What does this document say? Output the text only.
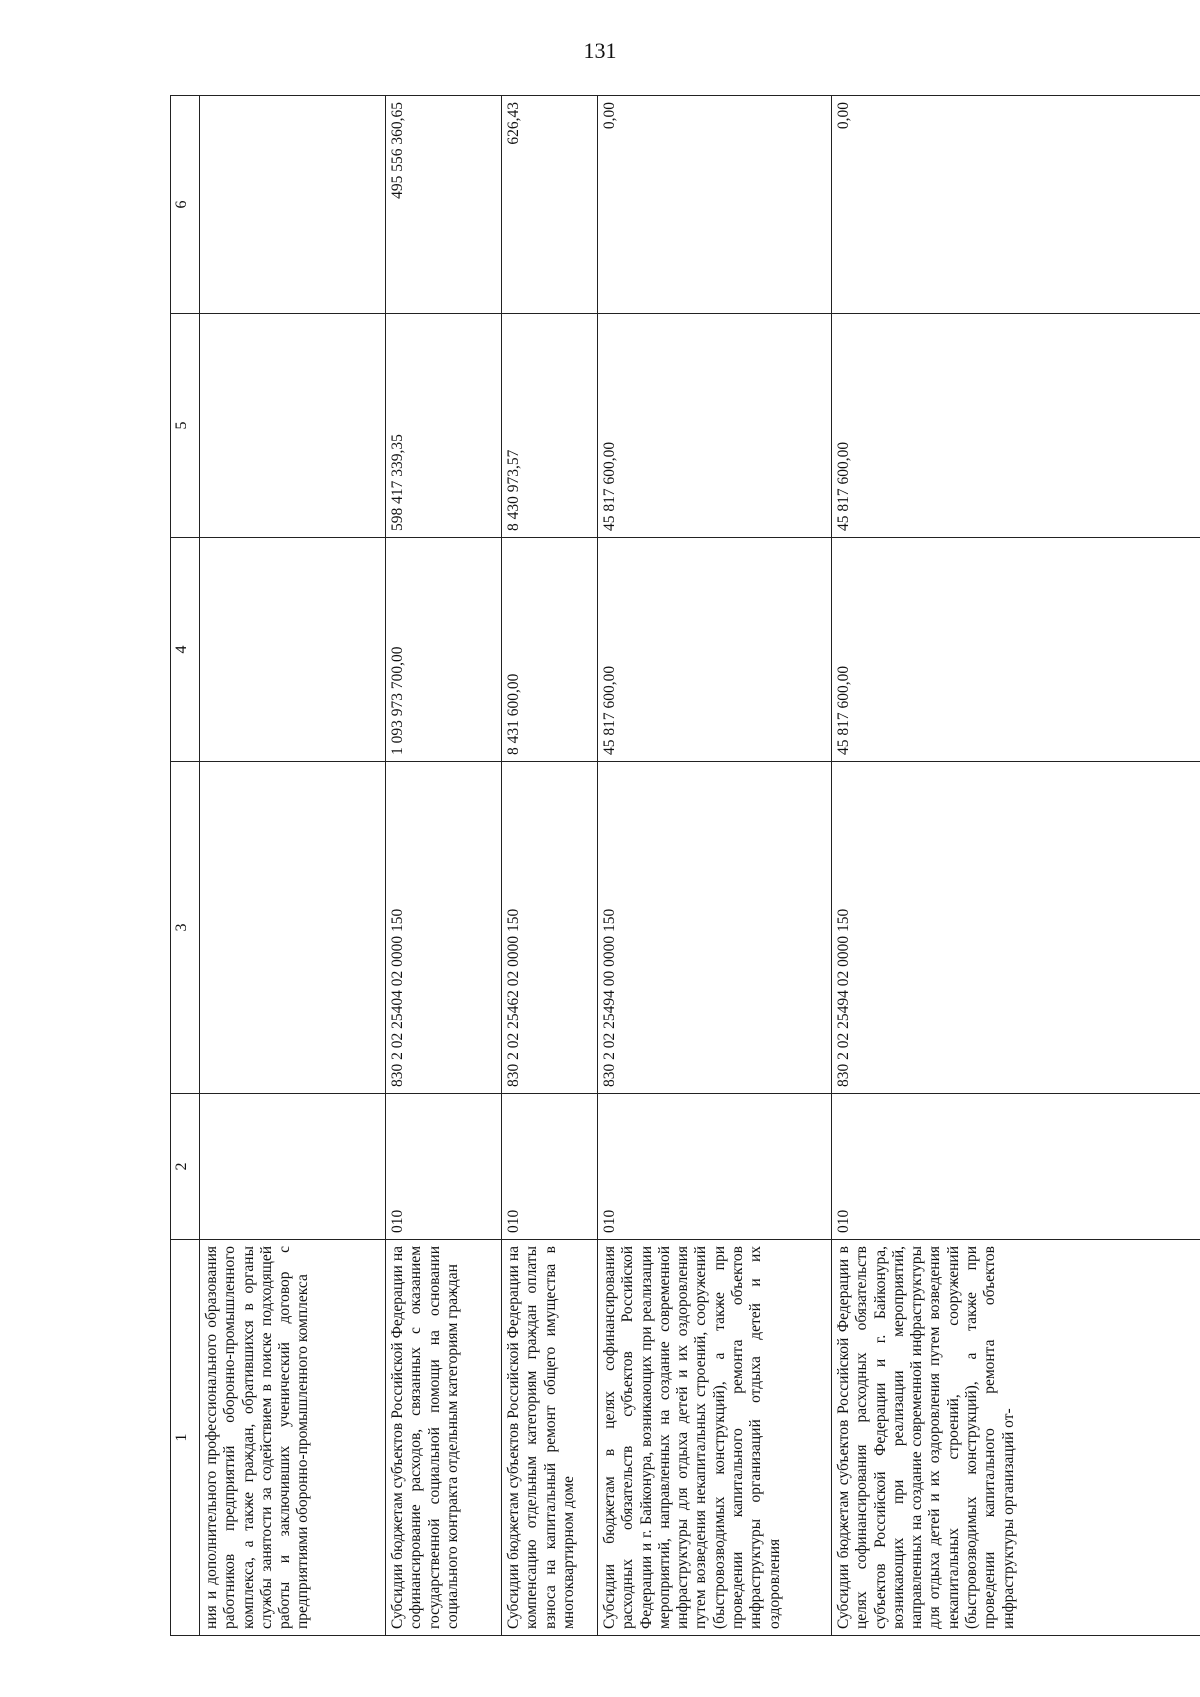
131
1	2	3	4	5	6
ния и дополнительного профессионального образования работников предприятий оборонно-промышленного комплекса, а также граждан, обратившихся в органы службы занятости за содействием в поиске подходящей работы и заключивших ученический договор с предприятиями оборонно-промышленного комплекса					
Субсидии бюджетам субъектов Российской Федерации на софинансирование расходов, связанных с оказанием государственной социальной помощи на основании социального контракта отдельным категориям граждан	010	830 2 02 25404 02 0000 150	1 093 973 700,00	598 417 339,35	495 556 360,65
Субсидии бюджетам субъектов Российской Федерации на компенсацию отдельным категориям граждан оплаты взноса на капитальный ремонт общего имущества в многоквартирном доме	010	830 2 02 25462 02 0000 150	8 431 600,00	8 430 973,57	626,43
Субсидии бюджетам в целях софинансирования расходных обязательств субъектов Российской Федерации и г. Байконура, возникающих при реализации мероприятий, направленных на создание современной инфраструктуры для отдыха детей и их оздоровления путем возведения некапитальных строений, сооружений (быстровозводимых конструкций), а также при проведении капитального ремонта объектов инфраструктуры организаций отдыха детей и их оздоровления	010	830 2 02 25494 00 0000 150	45 817 600,00	45 817 600,00	0,00
Субсидии бюджетам субъектов Российской Федерации в целях софинансирования расходных обязательств субъектов Российской Федерации и г. Байконура, возникающих при реализации мероприятий, направленных на создание современной инфраструктуры для отдыха детей и их оздоровления путем возведения некапитальных строений, сооружений (быстровозводимых конструкций), а также при проведении капитального ремонта объектов инфраструктуры организаций от-	010	830 2 02 25494 02 0000 150	45 817 600,00	45 817 600,00	0,00
